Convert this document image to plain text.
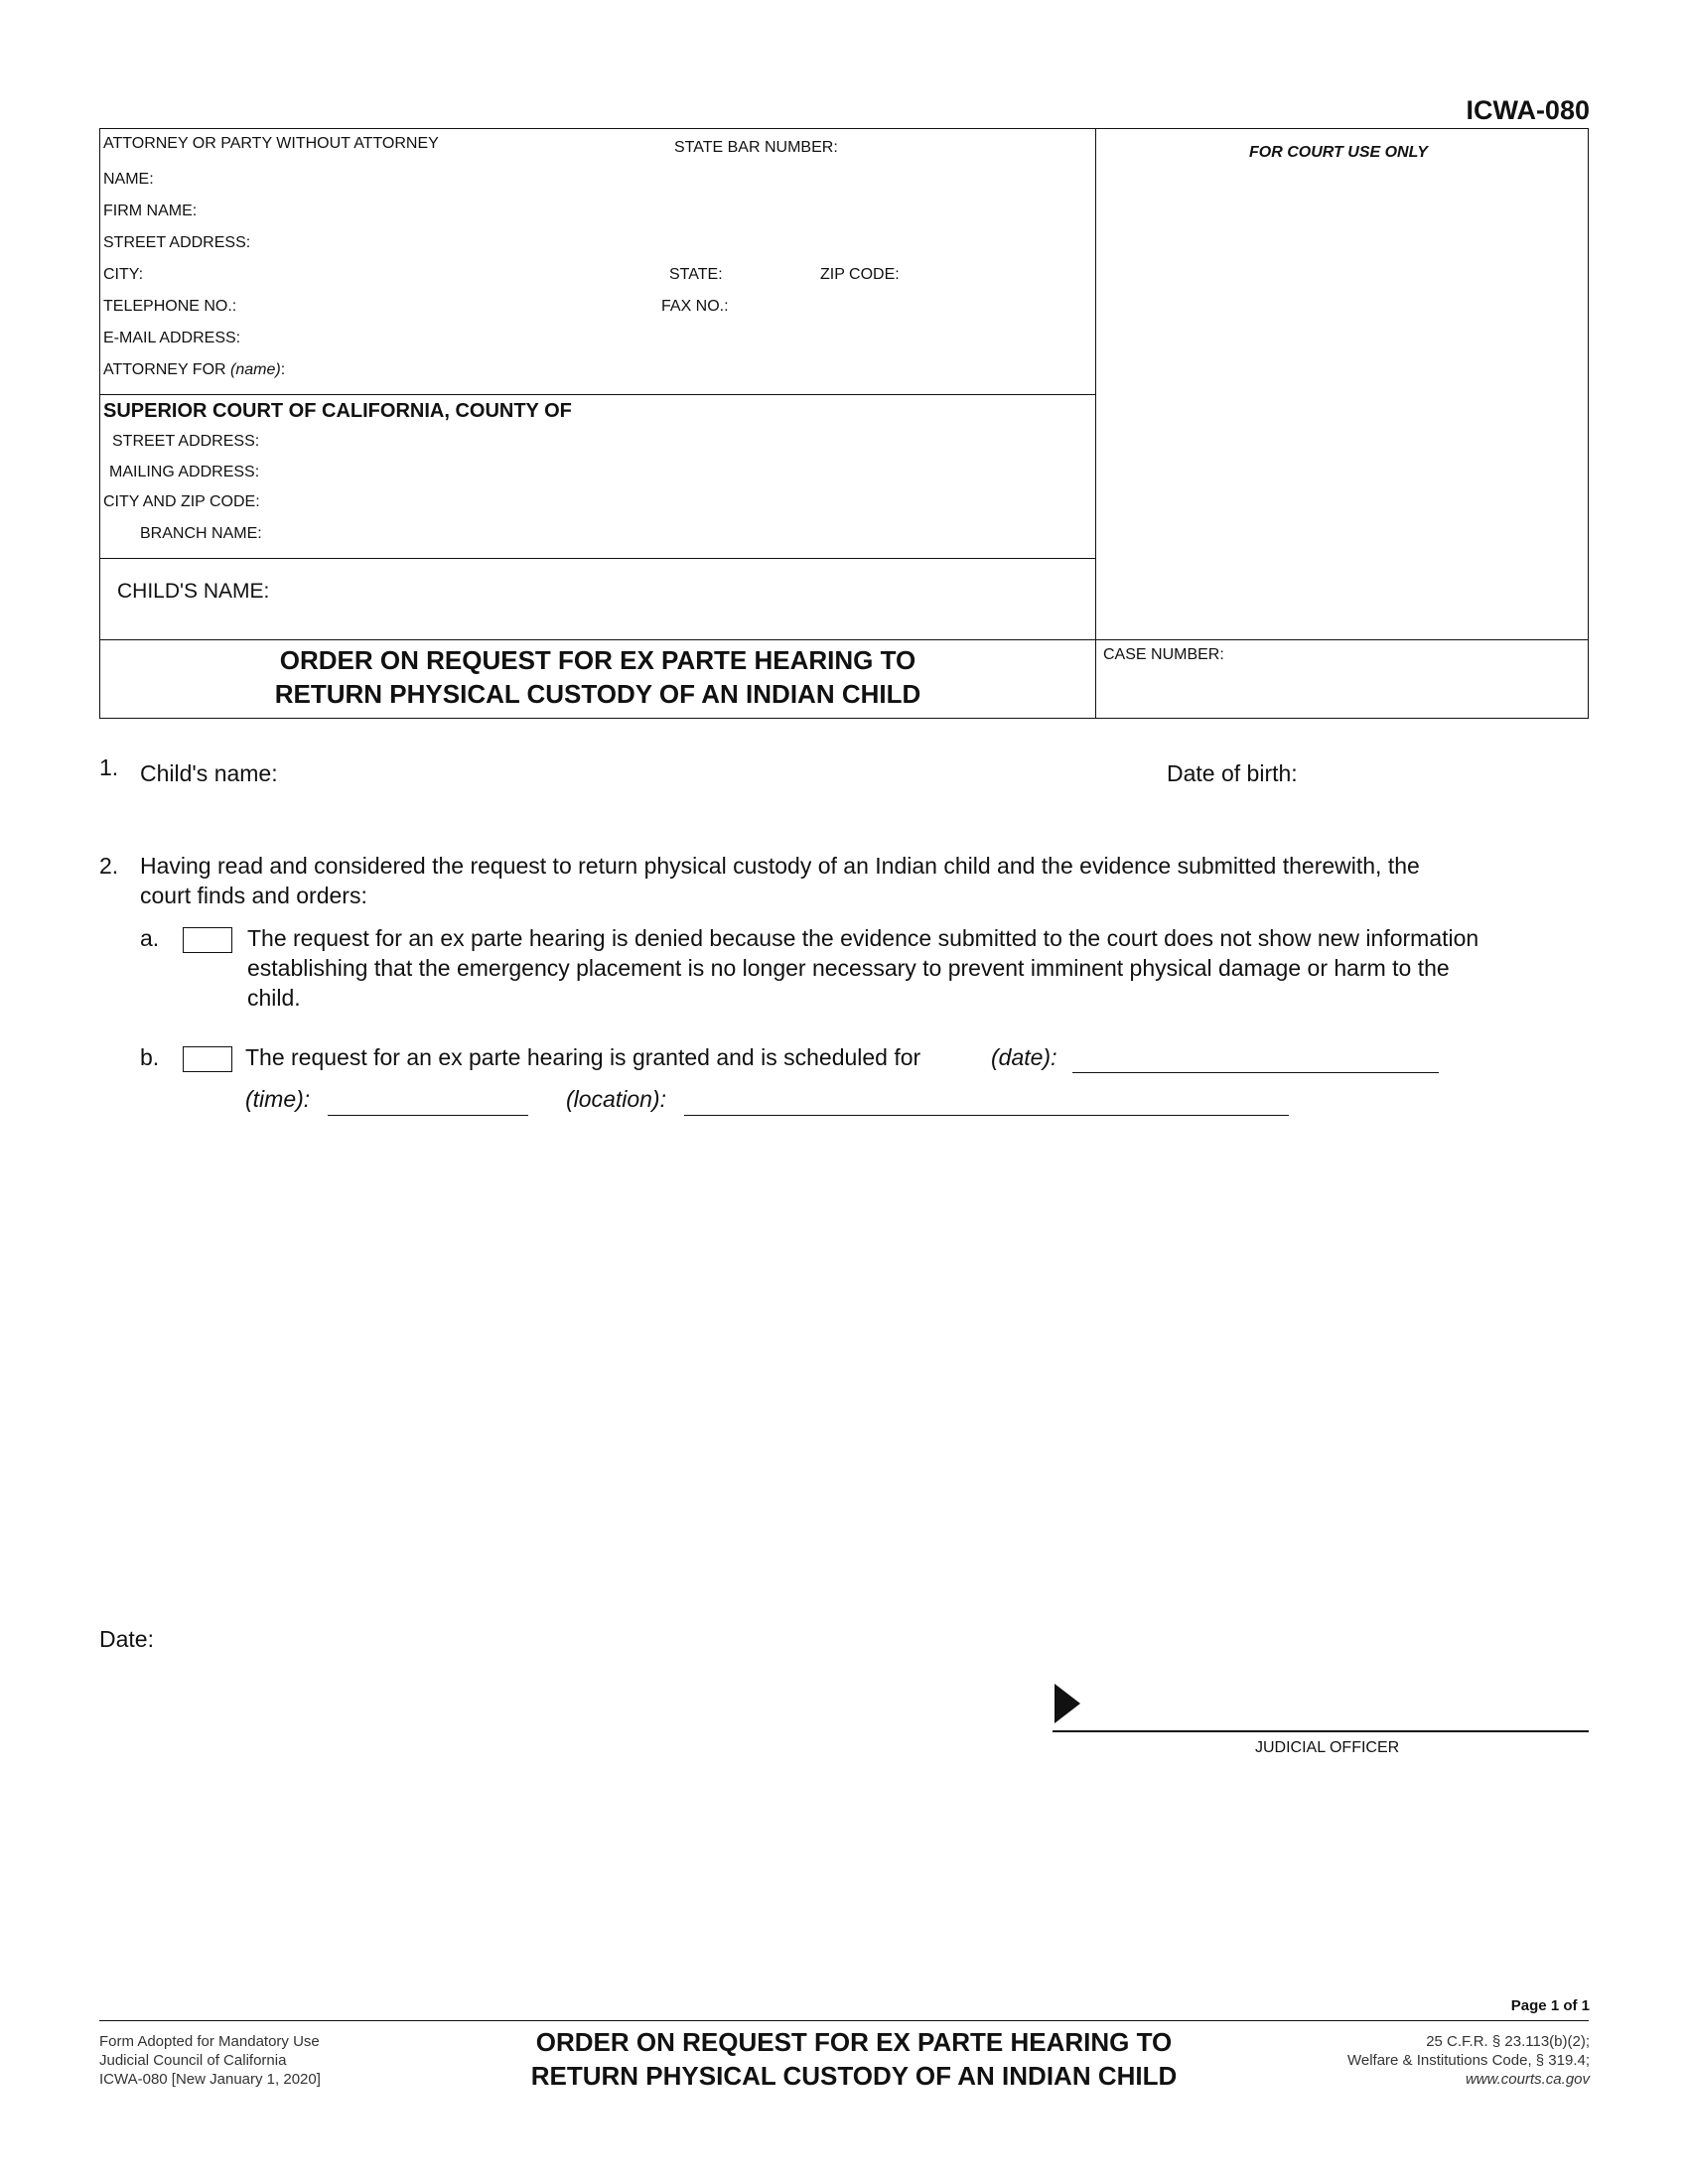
ICWA-080
ATTORNEY OR PARTY WITHOUT ATTORNEY	STATE BAR NUMBER:
NAME:
FIRM NAME:
STREET ADDRESS:
CITY:	STATE:	ZIP CODE:
TELEPHONE NO.:	FAX NO.:
E-MAIL ADDRESS:
ATTORNEY FOR (name):
FOR COURT USE ONLY
SUPERIOR COURT OF CALIFORNIA, COUNTY OF
STREET ADDRESS:
MAILING ADDRESS:
CITY AND ZIP CODE:
BRANCH NAME:
CHILD'S NAME:
ORDER ON REQUEST FOR EX PARTE HEARING TO
RETURN PHYSICAL CUSTODY OF AN INDIAN CHILD
CASE NUMBER:
1. Child's name:	Date of birth:
2. Having read and considered the request to return physical custody of an Indian child and the evidence submitted therewith, the
court finds and orders:
a.	The request for an ex parte hearing is denied because the evidence submitted to the court does not show new information
establishing that the emergency placement is no longer necessary to prevent imminent physical damage or harm to the
child.
b.	The request for an ex parte hearing is granted and is scheduled for	(date):
(time):	(location):
Date:
JUDICIAL OFFICER
Page 1 of 1
Form Adopted for Mandatory Use
Judicial Council of California
ICWA-080 [New January 1, 2020]
ORDER ON REQUEST FOR EX PARTE HEARING TO
RETURN PHYSICAL CUSTODY OF AN INDIAN CHILD
25 C.F.R. § 23.113(b)(2);
Welfare & Institutions Code, § 319.4;
www.courts.ca.gov
